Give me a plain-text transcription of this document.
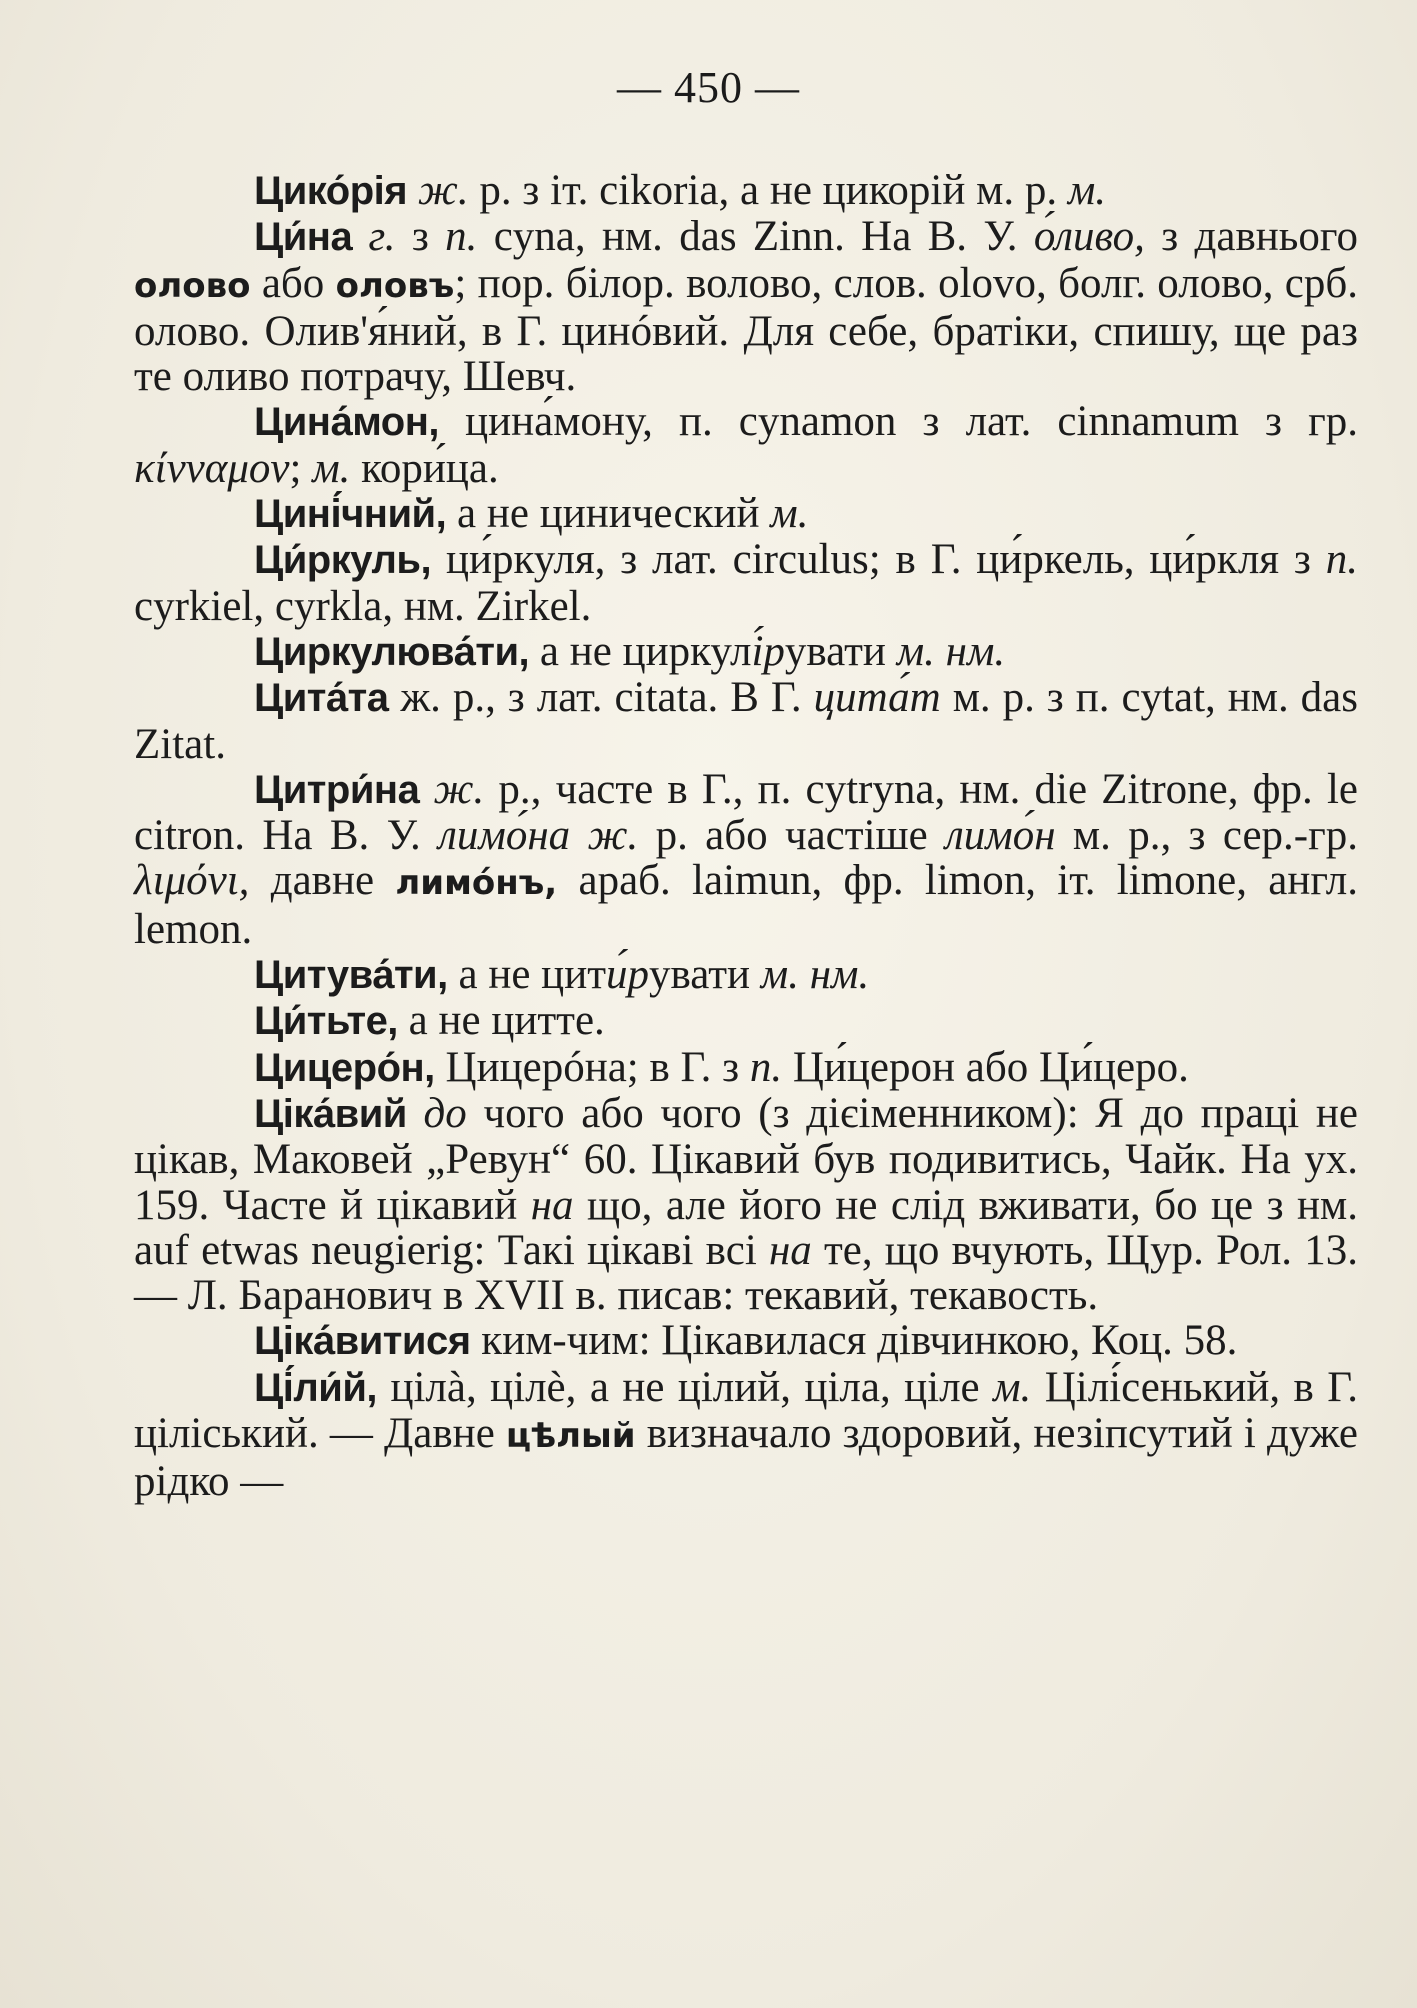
— 450 —

Цико́рія ж. р. з іт. cikoria, а не цикорій м. р. м.

Ци́на г. з п. cyna, нм. das Zinn. На В. У. о́ливо, з давнього олово або оловъ; пор. білор. волово, слов. olovo, болг. олово, срб. олово. Олив'я́ний, в Г. цинóвий. Для себе, братіки, спишу, ще раз те оливо потрачу, Шевч.

Цина́мон, цина́мону, п. cynamon з лат. cinnamum з гр. κίνναμον; м. кори́ца.

Цині́чний, а не цинический м.

Ци́ркуль, ци́ркуля, з лат. circulus; в Г. ци́ркель, ци́ркля з п. cyrkiel, cyrkla, нм. Zirkel.

Циркулюва́ти, а не циркулі́рувати м. нм.

Цита́та ж. р., з лат. citata. В Г. цита́т м. р. з п. cytat, нм. das Zitat.

Цитри́на ж. р., часте в Г., п. cytryna, нм. die Zitrone, фр. le citron. На В. У. лимо́на ж. р. або частіше лимо́н м. р., з сер.-гр. λιμόνι, давне лимо́нъ, араб. laimun, фр. limon, іт. limone, англ. lemon.

Цитува́ти, а не цити́рувати м. нм.

Ци́тьте, а не цитте.

Цицеро́н, Цицерóна; в Г. з п. Ци́церон або Ци́церо.

Ціка́вий до чого або чого (з дієіменником): Я до праці не цікав, Маковей „Ревун“ 60. Цікавий був подивитись, Чайк. На ух. 159. Часте й цікавий на що, але його не слід вживати, бо це з нм. auf etwas neugierig: Такі цікаві всі на те, що вчують, Щур. Рол. 13. — Л. Баранович в XVII в. писав: текавий, текавость.

Ціка́витися ким-чим: Цікавилася дівчинкою, Коц. 58.

Ці́ли́й, цілà, цілѐ, а не цілий, ціла, ціле м. Цілі́сенький, в Г. ціліський. — Давне цѣлый визначало здоровий, незіпсутий і дуже рідко —
